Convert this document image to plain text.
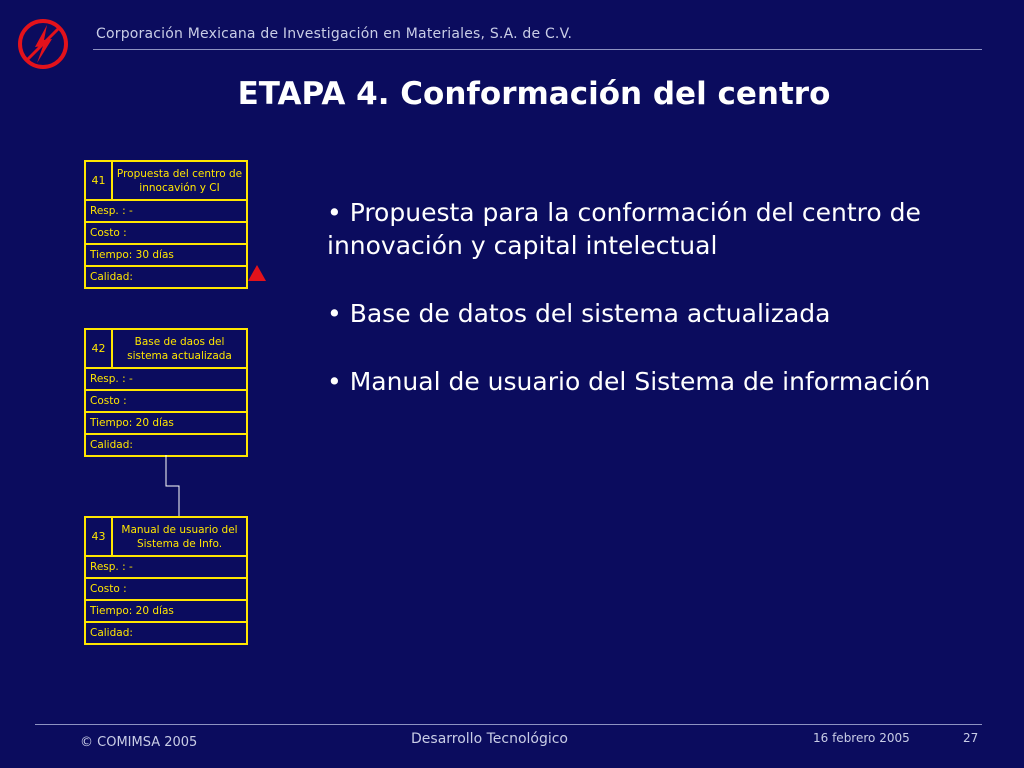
Corporación Mexicana de Investigación en Materiales, S.A. de C.V.
ETAPA 4. Conformación del centro
41
Propuesta del centro de innocavión y CI
Resp. : -
Costo :
Tiempo: 30 días
Calidad:
42
Base de daos del sistema actualizada
Resp. : -
Costo :
Tiempo: 20 días
Calidad:
43
Manual de usuario del Sistema de Info.
Resp. : -
Costo :
Tiempo: 20 días
Calidad:
• Propuesta para la conformación del centro de innovación y capital intelectual
• Base de datos del sistema actualizada
• Manual de usuario del Sistema de información
© COMIMSA 2005	Desarrollo Tecnológico	16 febrero 2005	27
